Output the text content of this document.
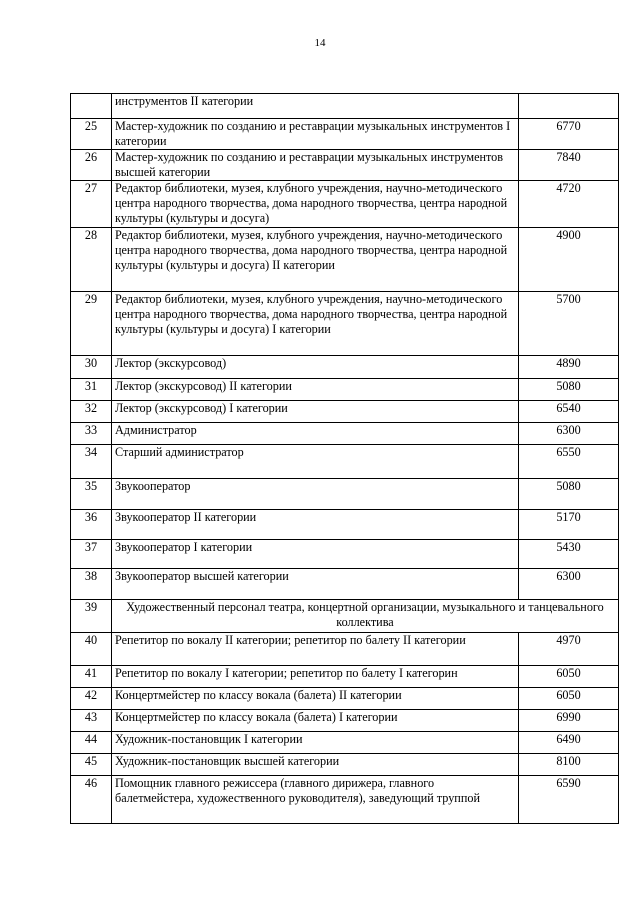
14
	инструментов II категории	
25	Мастер-художник по созданию и реставрации музыкальных инструментов I категории	6770
26	Мастер-художник по созданию и реставрации музыкальных инструментов высшей категории	7840
27	Редактор библиотеки, музея, клубного учреждения, научно-методического центра народного творчества, дома народного творчества, центра народной культуры (культуры и досуга)	4720
28	Редактор библиотеки, музея, клубного учреждения, научно-методического центра народного творчества, дома народного творчества, центра народной культуры (культуры и досуга) II категории	4900
29	Редактор библиотеки, музея, клубного учреждения, научно-методического центра народного творчества, дома народного творчества, центра народной культуры (культуры и досуга) I категории	5700
30	Лектор (экскурсовод)	4890
31	Лектор (экскурсовод) II категории	5080
32	Лектор (экскурсовод) I категории	6540
33	Администратор	6300
34	Старший администратор	6550
35	Звукооператор	5080
36	Звукооператор II категории	5170
37	Звукооператор I категории	5430
38	Звукооператор высшей категории	6300
39	Художественный персонал театра, концертной организации, музыкального и танцевального коллектива	
40	Репетитор по вокалу II категории; репетитор по балету II категории	4970
41	Репетитор по вокалу I категории; репетитор по балету I категорин	6050
42	Концертмейстер по классу вокала (балета) II категории	6050
43	Концертмейстер по классу вокала (балета) I категории	6990
44	Художник-постановщик I категории	6490
45	Художник-постановщик высшей категории	8100
46	Помощник главного режиссера (главного дирижера, главного балетмейстера, художественного руководителя), заведующий труппой	6590
